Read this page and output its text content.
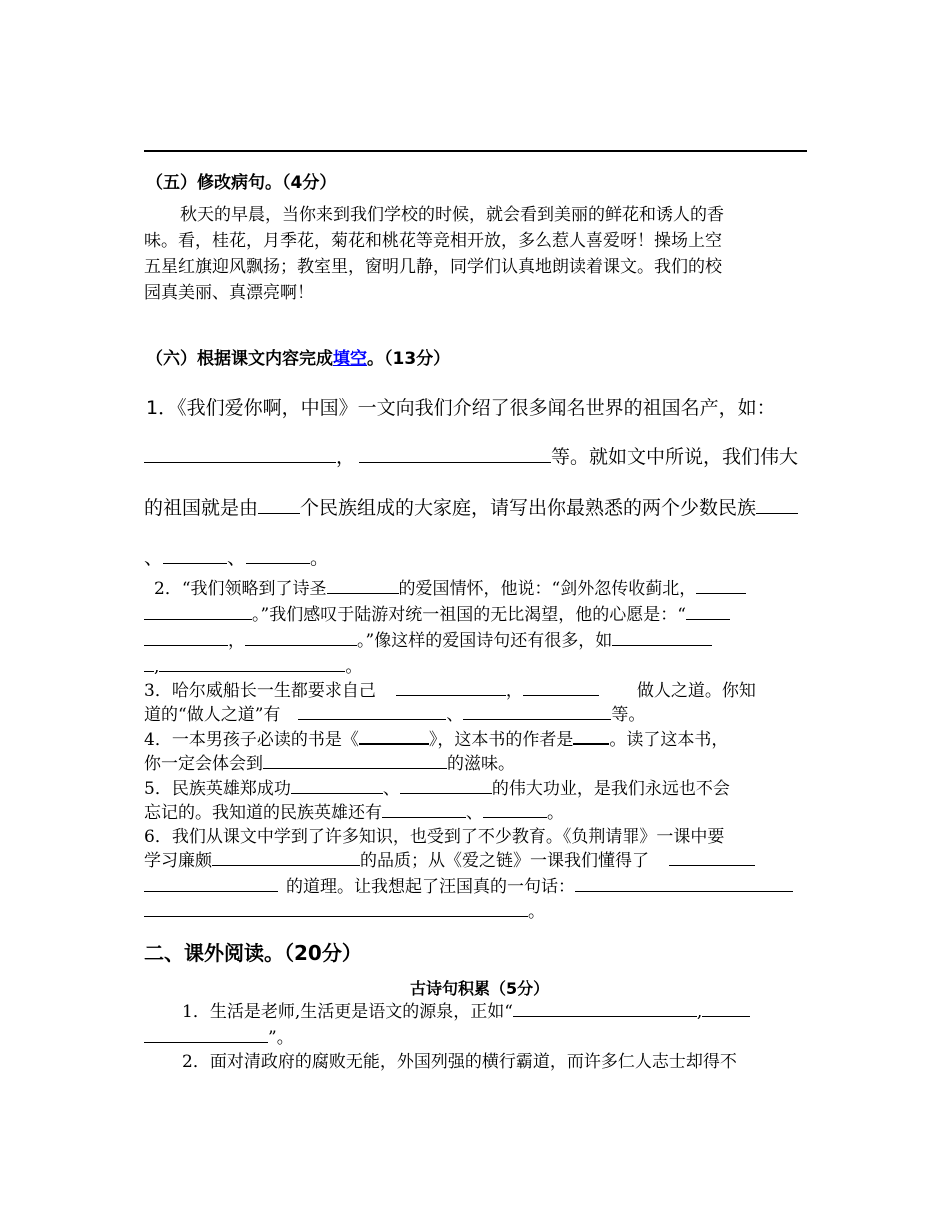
（五）修改病句。（4分）
秋天的早晨，当你来到我们学校的时候，就会看到美丽的鲜花和诱人的香
味。看，桂花，月季花，菊花和桃花等竞相开放，多么惹人喜爱呀！操场上空
五星红旗迎风飘扬；教室里，窗明几静，同学们认真地朗读着课文。我们的校
园真美丽、真漂亮啊！
（六）根据课文内容完成填空。（13分）
1．《我们爱你啊，中国》一文向我们介绍了很多闻名世界的祖国名产，如：
，	等。就如文中所说，我们伟大
的祖国就是由 个民族组成的大家庭，请写出你最熟悉的两个少数民族
、	、	。
2．“我们领略到了诗圣	的爱国情怀，他说：“剑外忽传收蓟北，
。”我们感叹于陆游对统一祖国的无比渴望，他的心愿是：“
，	。”像这样的爱国诗句还有很多，如
,	。
3．哈尔威船长一生都要求自己	，	做人之道。你知
道的“做人之道”有	、	等。
4．一本男孩子必读的书是《	》，这本书的作者是 。读了这本书，
你一定会体会到	的滋味。
5．民族英雄郑成功	、	的伟大功业，是我们永远也不会
忘记的。我知道的民族英雄还有	、	。
6．我们从课文中学到了许多知识，也受到了不少教育。《负荆请罪》一课中要
学习廉颇	的品质；从《爱之链》一课我们懂得了
的道理。让我想起了汪国真的一句话：
。
二、课外阅读。（20分）
古诗句积累（5分）
1．生活是老师,生活更是语文的源泉，正如“	,
”。
2．面对清政府的腐败无能，外国列强的横行霸道，而许多仁人志士却得不
